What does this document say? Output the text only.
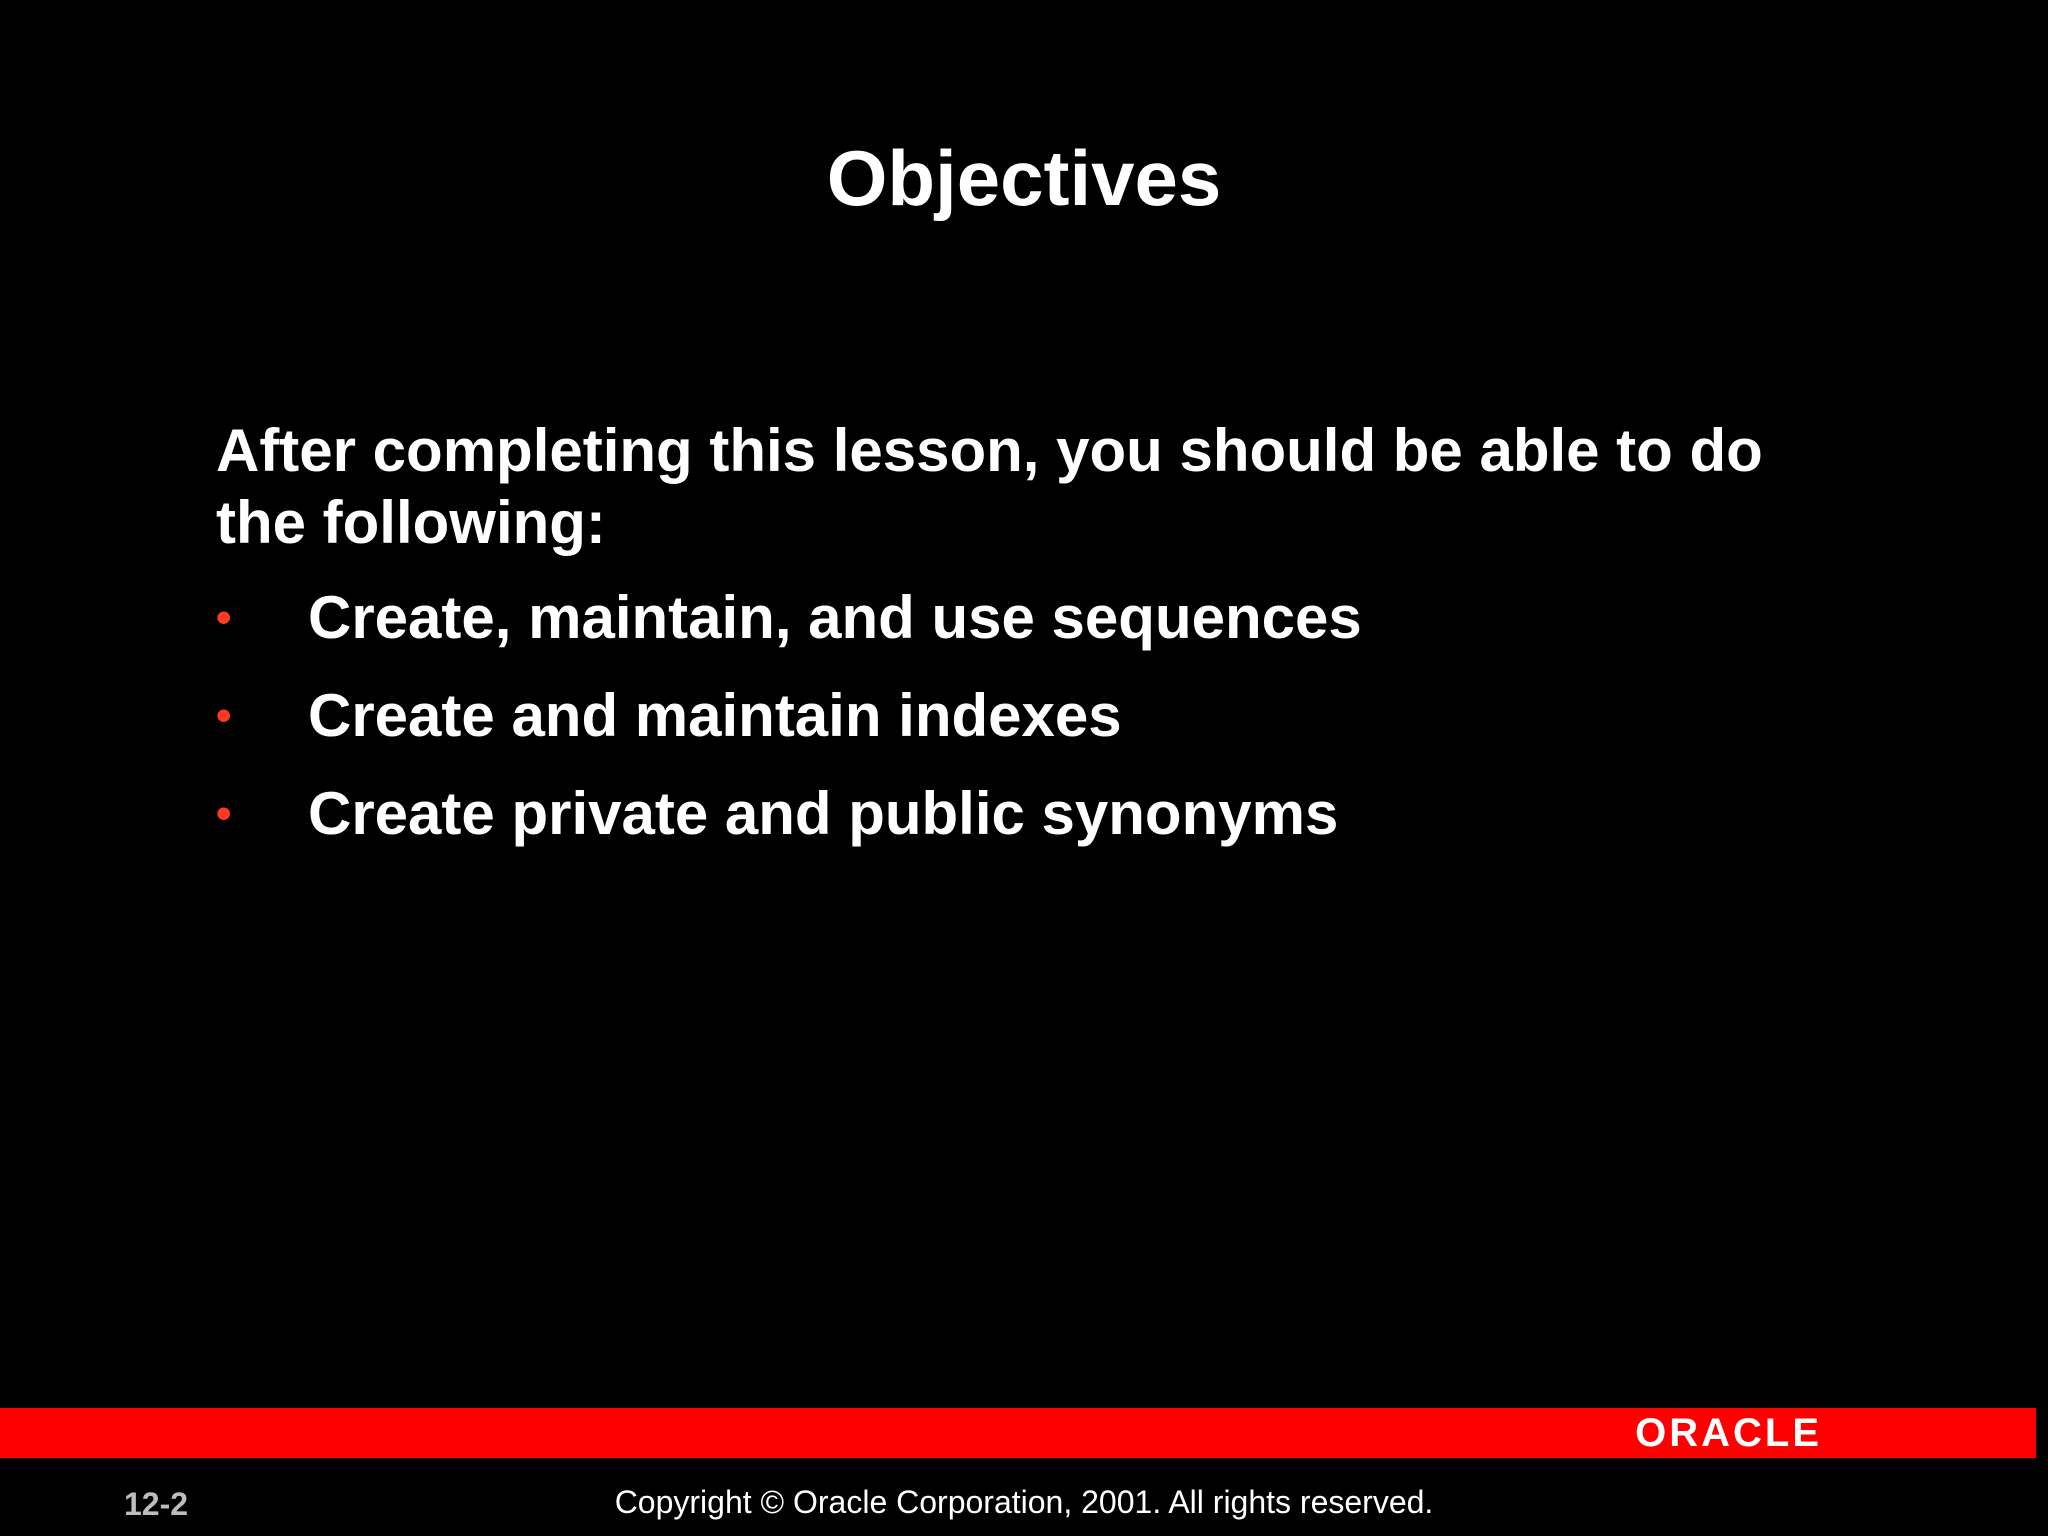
Objectives
After completing this lesson, you should be able to do the following:
• Create, maintain, and use sequences
• Create and maintain indexes
• Create private and public synonyms
ORACLE
12-2	Copyright © Oracle Corporation, 2001. All rights reserved.
